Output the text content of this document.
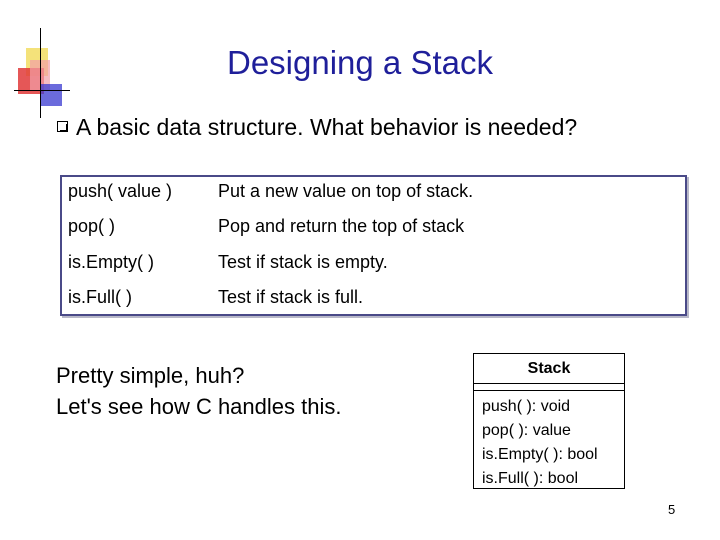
Designing a Stack
A basic data structure. What behavior is needed?
push( value )	Put a new value on top of stack.
pop( )	Pop and return the top of stack
is.Empty( )	Test if stack is empty.
is.Full( )	Test if stack is full.
Pretty simple, huh?
Let's see how C handles this.
Stack
push( ): void
pop( ): value
is.Empty( ): bool
is.Full( ): bool
5
